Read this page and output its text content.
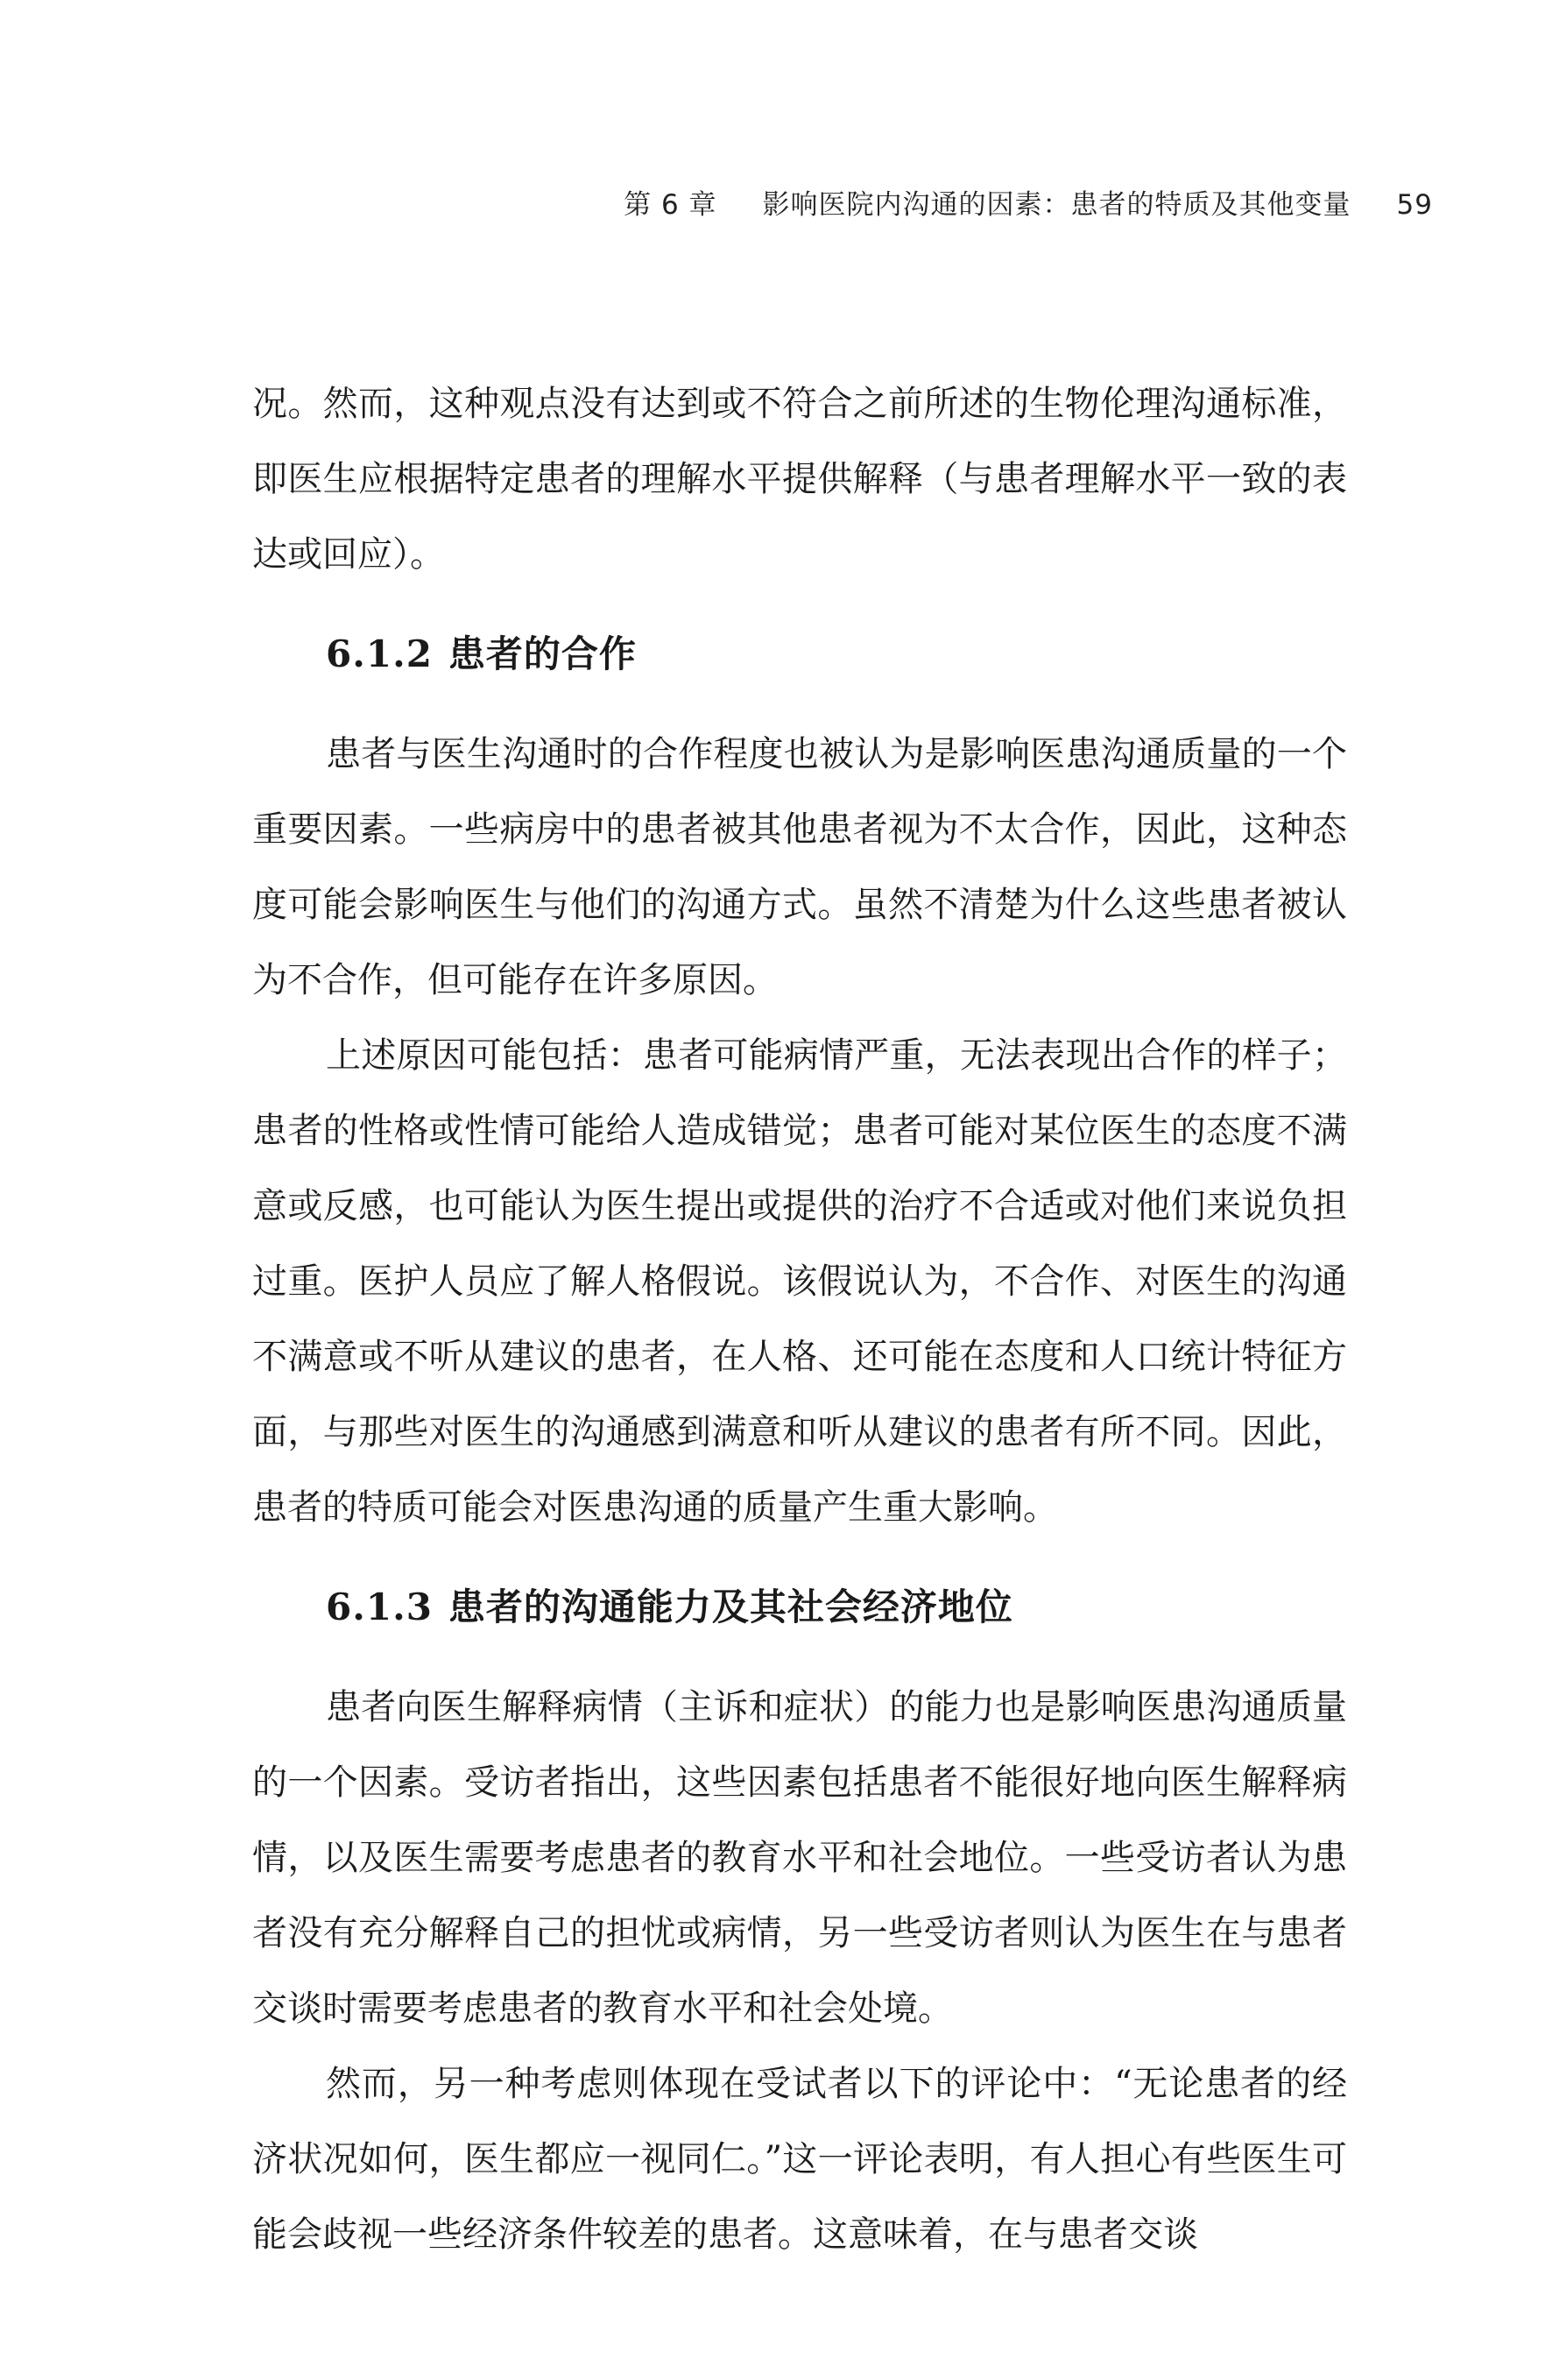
第 6 章 影响医院内沟通的因素：患者的特质及其他变量 59

况。然而，这种观点没有达到或不符合之前所述的生物伦理沟通标准，即医生应根据特定患者的理解水平提供解释（与患者理解水平一致的表达或回应）。

6.1.2 患者的合作

患者与医生沟通时的合作程度也被认为是影响医患沟通质量的一个重要因素。一些病房中的患者被其他患者视为不太合作，因此，这种态度可能会影响医生与他们的沟通方式。虽然不清楚为什么这些患者被认为不合作，但可能存在许多原因。

上述原因可能包括：患者可能病情严重，无法表现出合作的样子；患者的性格或性情可能给人造成错觉；患者可能对某位医生的态度不满意或反感，也可能认为医生提出或提供的治疗不合适或对他们来说负担过重。医护人员应了解人格假说。该假说认为，不合作、对医生的沟通不满意或不听从建议的患者，在人格、还可能在态度和人口统计特征方面，与那些对医生的沟通感到满意和听从建议的患者有所不同。因此，患者的特质可能会对医患沟通的质量产生重大影响。

6.1.3 患者的沟通能力及其社会经济地位

患者向医生解释病情（主诉和症状）的能力也是影响医患沟通质量的一个因素。受访者指出，这些因素包括患者不能很好地向医生解释病情，以及医生需要考虑患者的教育水平和社会地位。一些受访者认为患者没有充分解释自己的担忧或病情，另一些受访者则认为医生在与患者交谈时需要考虑患者的教育水平和社会处境。

然而，另一种考虑则体现在受试者以下的评论中：“无论患者的经济状况如何，医生都应一视同仁。”这一评论表明，有人担心有些医生可能会歧视一些经济条件较差的患者。这意味着，在与患者交谈
